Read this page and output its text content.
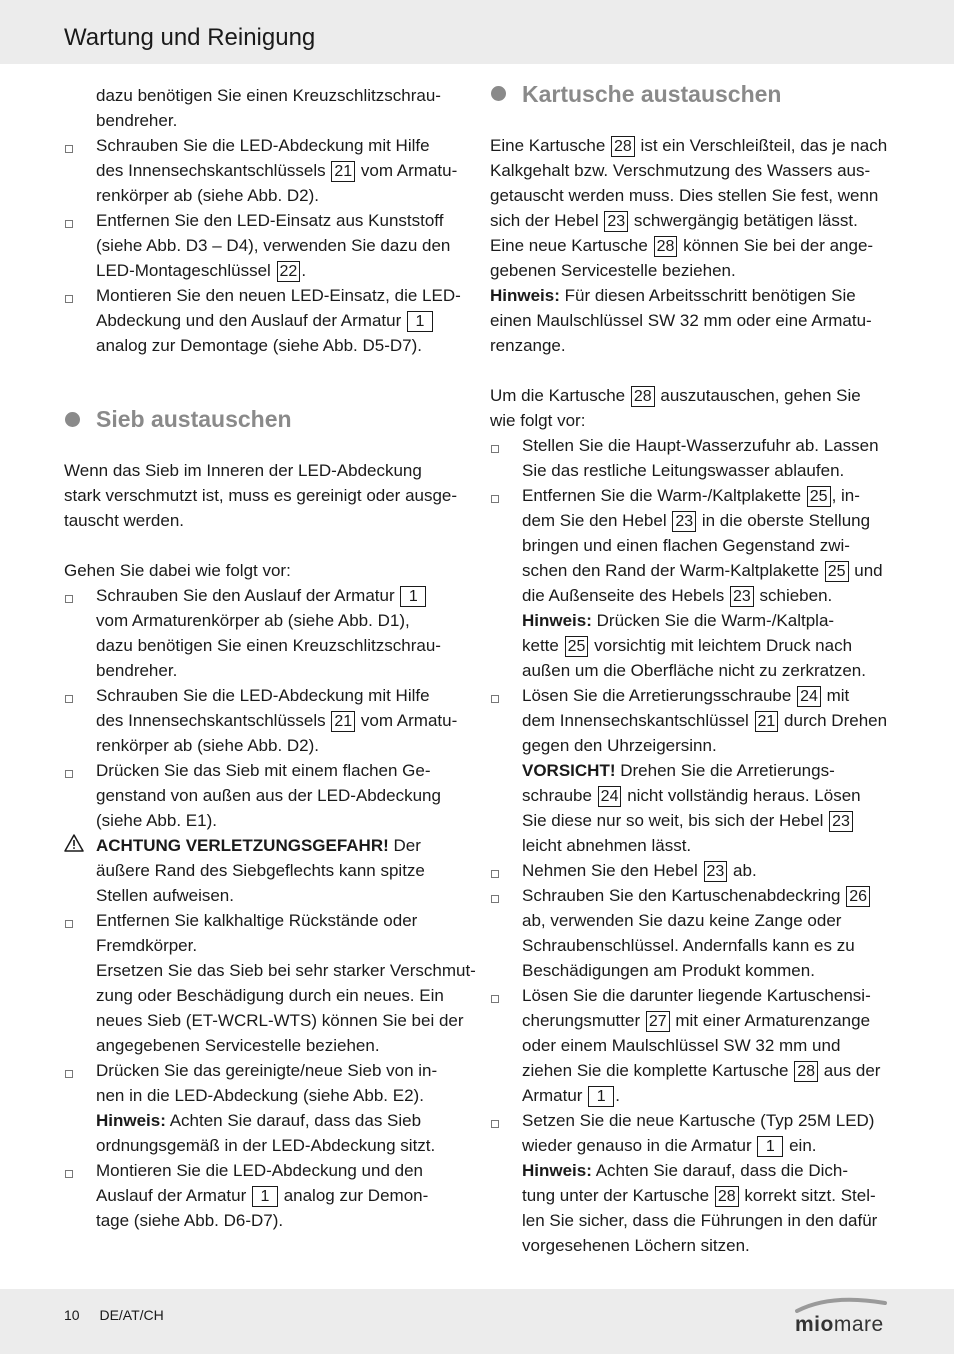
Wartung und Reinigung
dazu benötigen Sie einen Kreuzschlitzschrau-
bendreher.
Schrauben Sie die LED-Abdeckung mit Hilfe
des Innensechskantschlüssels 21 vom Armatu-
renkörper ab (siehe Abb. D2).
Entfernen Sie den LED-Einsatz aus Kunststoff
(siehe Abb. D3 – D4), verwenden Sie dazu den
LED-Montageschlüssel 22 .
Montieren Sie den neuen LED-Einsatz, die LED-
Abdeckung und den Auslauf der Armatur 1
analog zur Demontage (siehe Abb. D5-D7).
Sieb austauschen
Wenn das Sieb im Inneren der LED-Abdeckung
stark verschmutzt ist, muss es gereinigt oder ausge-
tauscht werden.
Gehen Sie dabei wie folgt vor:
Schrauben Sie den Auslauf der Armatur 1
vom Armaturenkörper ab (siehe Abb. D1),
dazu benötigen Sie einen Kreuzschlitzschrau-
bendreher.
Schrauben Sie die LED-Abdeckung mit Hilfe
des Innensechskantschlüssels 21 vom Armatu-
renkörper ab (siehe Abb. D2).
Drücken Sie das Sieb mit einem flachen Ge-
genstand von außen aus der LED-Abdeckung
(siehe Abb. E1).
ACHTUNG VERLETZUNGSGEFAHR! Der
äußere Rand des Siebgeflechts kann spitze
Stellen aufweisen.
Entfernen Sie kalkhaltige Rückstände oder
Fremdkörper.
Ersetzen Sie das Sieb bei sehr starker Verschmut-
zung oder Beschädigung durch ein neues. Ein
neues Sieb (ET-WCRL-WTS) können Sie bei der
angegebenen Servicestelle beziehen.
Drücken Sie das gereinigte/neue Sieb von in-
nen in die LED-Abdeckung (siehe Abb. E2).
Hinweis: Achten Sie darauf, dass das Sieb
ordnungsgemäß in der LED-Abdeckung sitzt.
Montieren Sie die LED-Abdeckung und den
Auslauf der Armatur 1 analog zur Demon-
tage (siehe Abb. D6-D7).
Kartusche austauschen
Eine Kartusche 28 ist ein Verschleißteil, das je nach
Kalkgehalt bzw. Verschmutzung des Wassers aus-
getauscht werden muss. Dies stellen Sie fest, wenn
sich der Hebel 23 schwergängig betätigen lässt.
Eine neue Kartusche 28 können Sie bei der ange-
gebenen Servicestelle beziehen.
Hinweis: Für diesen Arbeitsschritt benötigen Sie
einen Maulschlüssel SW 32 mm oder eine Armatu-
renzange.
Um die Kartusche 28 auszutauschen, gehen Sie
wie folgt vor:
Stellen Sie die Haupt-Wasserzufuhr ab. Lassen
Sie das restliche Leitungswasser ablaufen.
Entfernen Sie die Warm-/Kaltplakette 25 , in-
dem Sie den Hebel 23 in die oberste Stellung
bringen und einen flachen Gegenstand zwi-
schen den Rand der Warm-Kaltplakette 25 und
die Außenseite des Hebels 23 schieben.
Hinweis: Drücken Sie die Warm-/Kaltpla-
kette 25 vorsichtig mit leichtem Druck nach
außen um die Oberfläche nicht zu zerkratzen.
Lösen Sie die Arretierungsschraube 24 mit
dem Innensechskantschlüssel 21 durch Drehen
gegen den Uhrzeigersinn.
VORSICHT! Drehen Sie die Arretierungs-
schraube 24 nicht vollständig heraus. Lösen
Sie diese nur so weit, bis sich der Hebel 23
leicht abnehmen lässt.
Nehmen Sie den Hebel 23 ab.
Schrauben Sie den Kartuschenabdeckring 26
ab, verwenden Sie dazu keine Zange oder
Schraubenschlüssel. Andernfalls kann es zu
Beschädigungen am Produkt kommen.
Lösen Sie die darunter liegende Kartuschensi-
cherungsmutter 27 mit einer Armaturenzange
oder einem Maulschlüssel SW 32 mm und
ziehen Sie die komplette Kartusche 28 aus der
Armatur 1 .
Setzen Sie die neue Kartusche (Typ 25M LED)
wieder genauso in die Armatur 1 ein.
Hinweis: Achten Sie darauf, dass die Dich-
tung unter der Kartusche 28 korrekt sitzt. Stel-
len Sie sicher, dass die Führungen in den dafür
vorgesehenen Löchern sitzen.
10 DE/AT/CH	miomare
